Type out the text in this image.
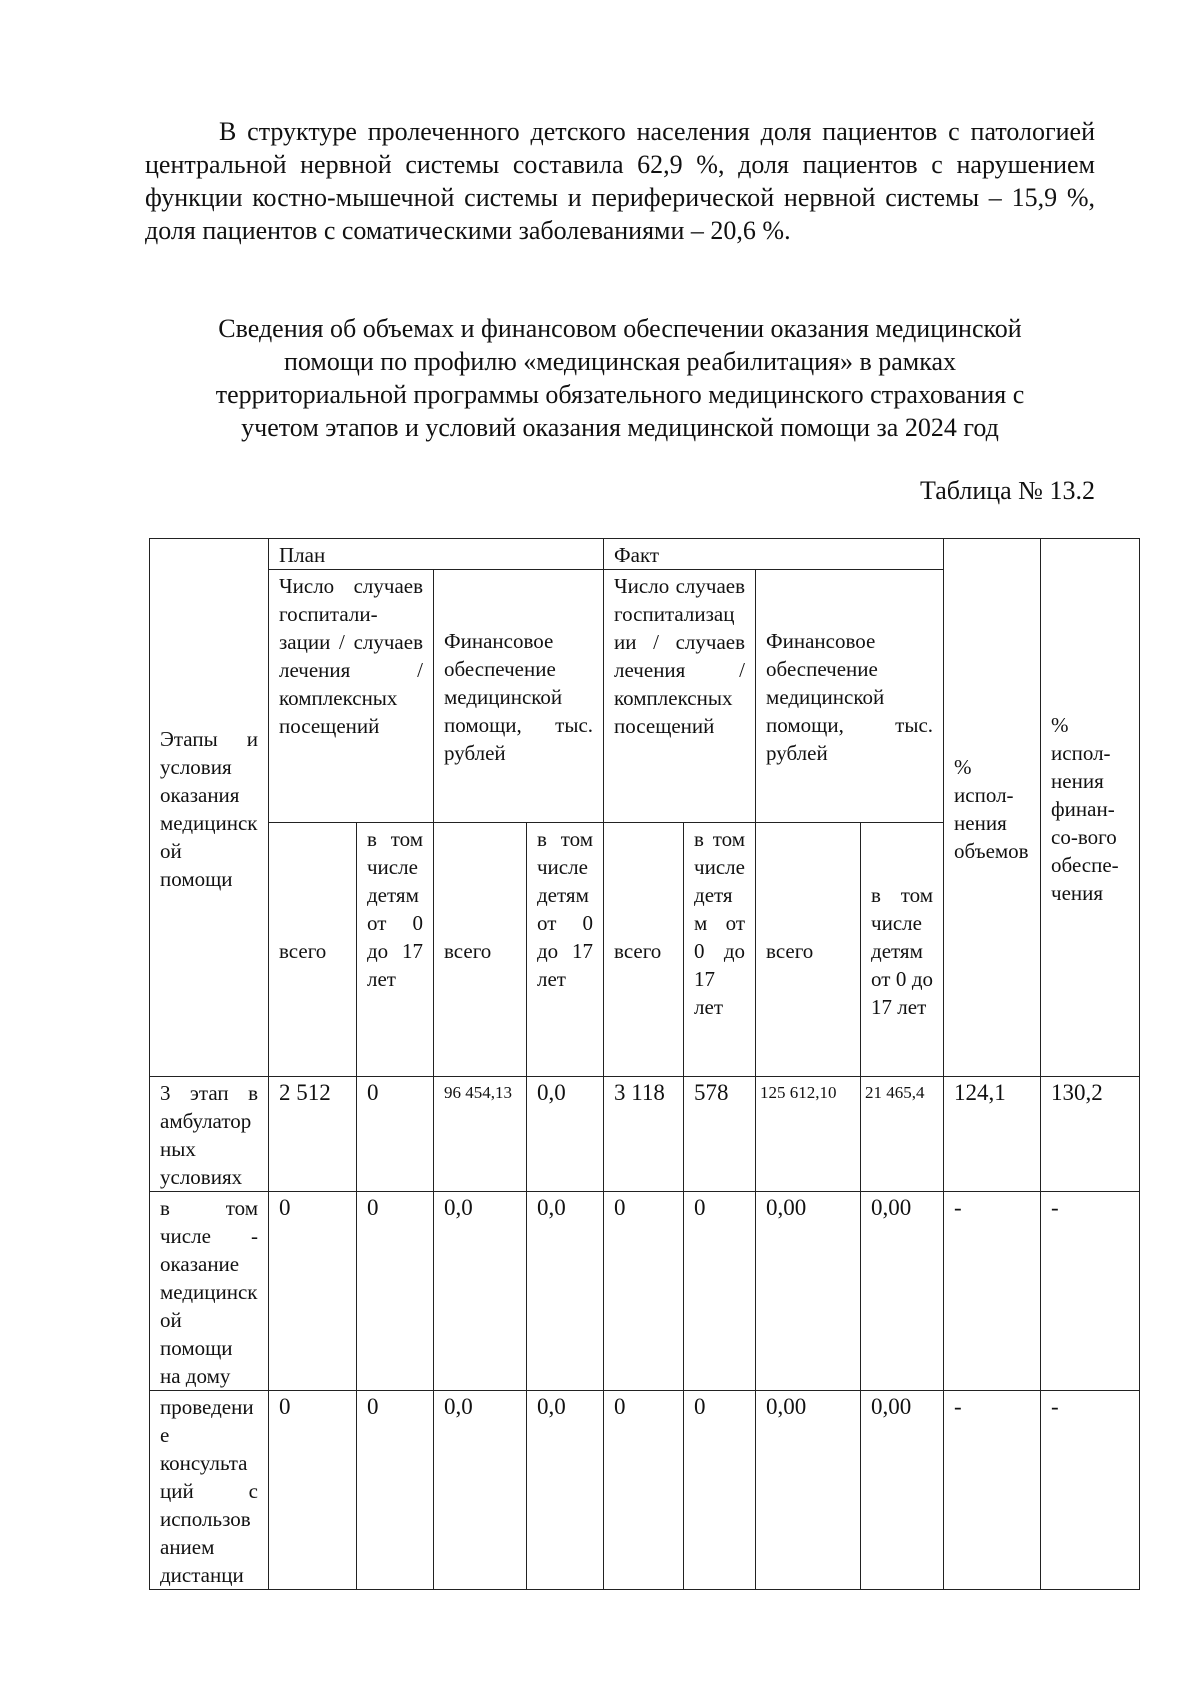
В структуре пролеченного детского населения доля пациентов с патологией центральной нервной системы составила 62,9 %, доля пациентов с нарушением функции костно-мышечной системы и периферической нервной системы – 15,9 %, доля пациентов с соматическими заболеваниями – 20,6 %.

Сведения об объемах и финансовом обеспечении оказания медицинской
помощи по профилю «медицинская реабилитация» в рамках
территориальной программы обязательного медицинского страхования с
учетом этапов и условий оказания медицинской помощи за 2024 год
Таблица № 13.2
Этапы и условия оказания медицинской помощи	План				Факт				% испол-нения объемов	% испол-нения финан-со-вого обеспе-чения
	Число случаев госпитали-зации / случаев лечения / комплексных посещений		Финансовое обеспечение медицинской помощи, тыс. рублей		Число случаев госпитализации / случаев лечения / комплексных посещений		Финансовое обеспечение медицинской помощи, тыс. рублей			
	всего	в том числе детям от 0 до 17 лет	всего	в том числе детям от 0 до 17 лет	всего	в том числе детям от 0 до 17 лет	всего	в том числе детям от 0 до 17 лет		
3 этап в амбулаторных условиях	2 512	0	96 454,13	0,0	3 118	578	125 612,10	21 465,4	124,1	130,2
в том числе - оказание медицинской помощи на дому	0	0	0,0	0,0	0	0	0,00	0,00	-	-
проведение консультаций с использованием дистанци	0	0	0,0	0,0	0	0	0,00	0,00	-	-
